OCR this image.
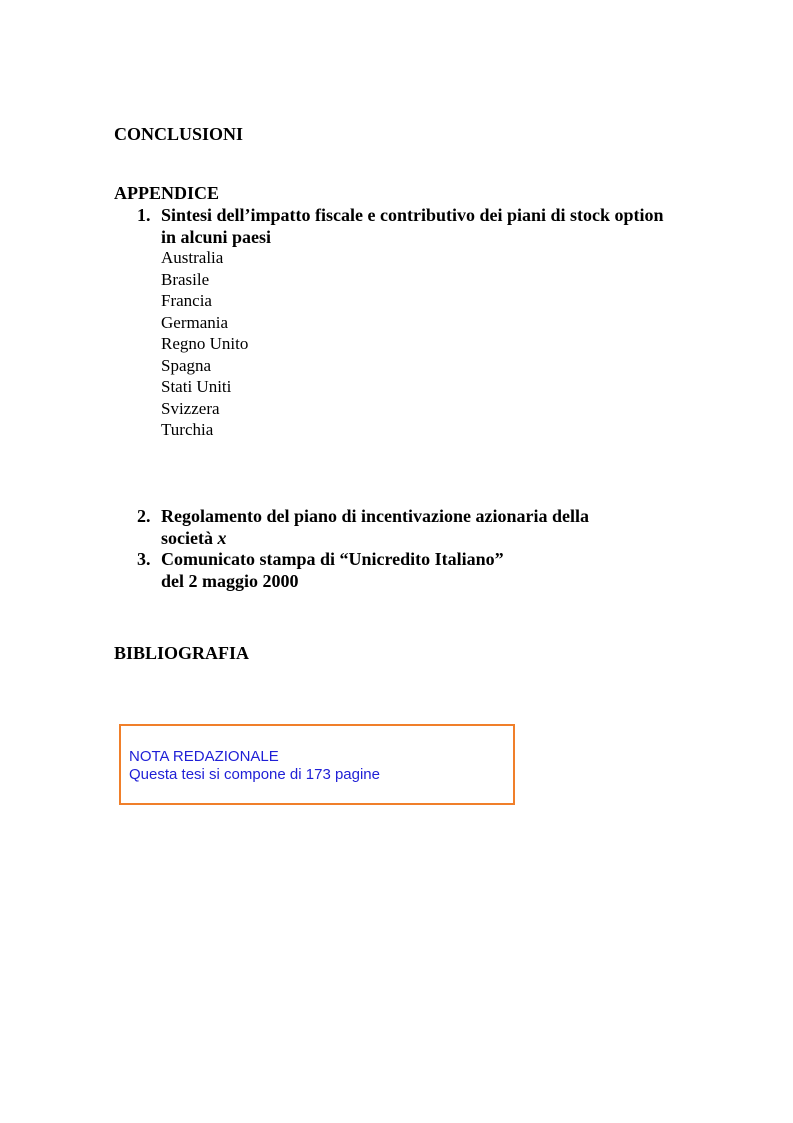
CONCLUSIONI
APPENDICE
1. Sintesi dell’impatto fiscale e contributivo dei piani di stock option
in alcuni paesi
Australia
Brasile
Francia
Germania
Regno Unito
Spagna
Stati Uniti
Svizzera
Turchia
2. Regolamento del piano di incentivazione azionaria della
società x
3. Comunicato stampa di “Unicredito Italiano”
del 2 maggio 2000
BIBLIOGRAFIA
NOTA REDAZIONALE
Questa tesi si compone di 173 pagine
